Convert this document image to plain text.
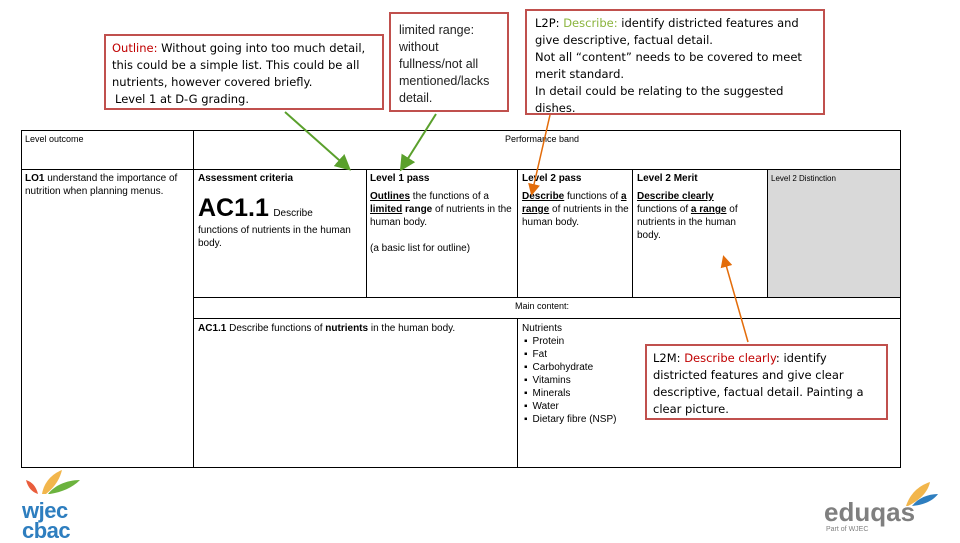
Outline: Without going into too much detail, this could be a simple list. This could be all nutrients, however covered briefly.
Level 1 at D-G grading.
limited range: without fullness/not all mentioned/lacks detail.
L2P: Describe: identify districted features and give descriptive, factual detail.
Not all “content” needs to be covered to meet merit standard.
In detail could be relating to the suggested dishes.
L2M: Describe clearly: identify districted features and give clear descriptive, factual detail. Painting a clear picture.
Level outcome	Performance band
LO1 understand the importance of nutrition when planning menus.
Assessment criteria
AC1.1 Describe
functions of nutrients in the human body.
Level 1 pass
Outlines the functions of a limited range of nutrients in the human body.
(a basic list for outline)
Level 2 pass
Describe functions of a range of nutrients in the human body.
Level 2 Merit
Describe clearly
functions of a range of nutrients in the human body.
Level 2 Distinction
Main content:
AC1.1 Describe functions of nutrients in the human body.	Nutrients
▪ Protein
▪ Fat
▪ Carbohydrate
▪ Vitamins
▪ Minerals
▪ Water
▪ Dietary fibre (NSP)
wjec
cbac
eduqas
Part of WJEC
